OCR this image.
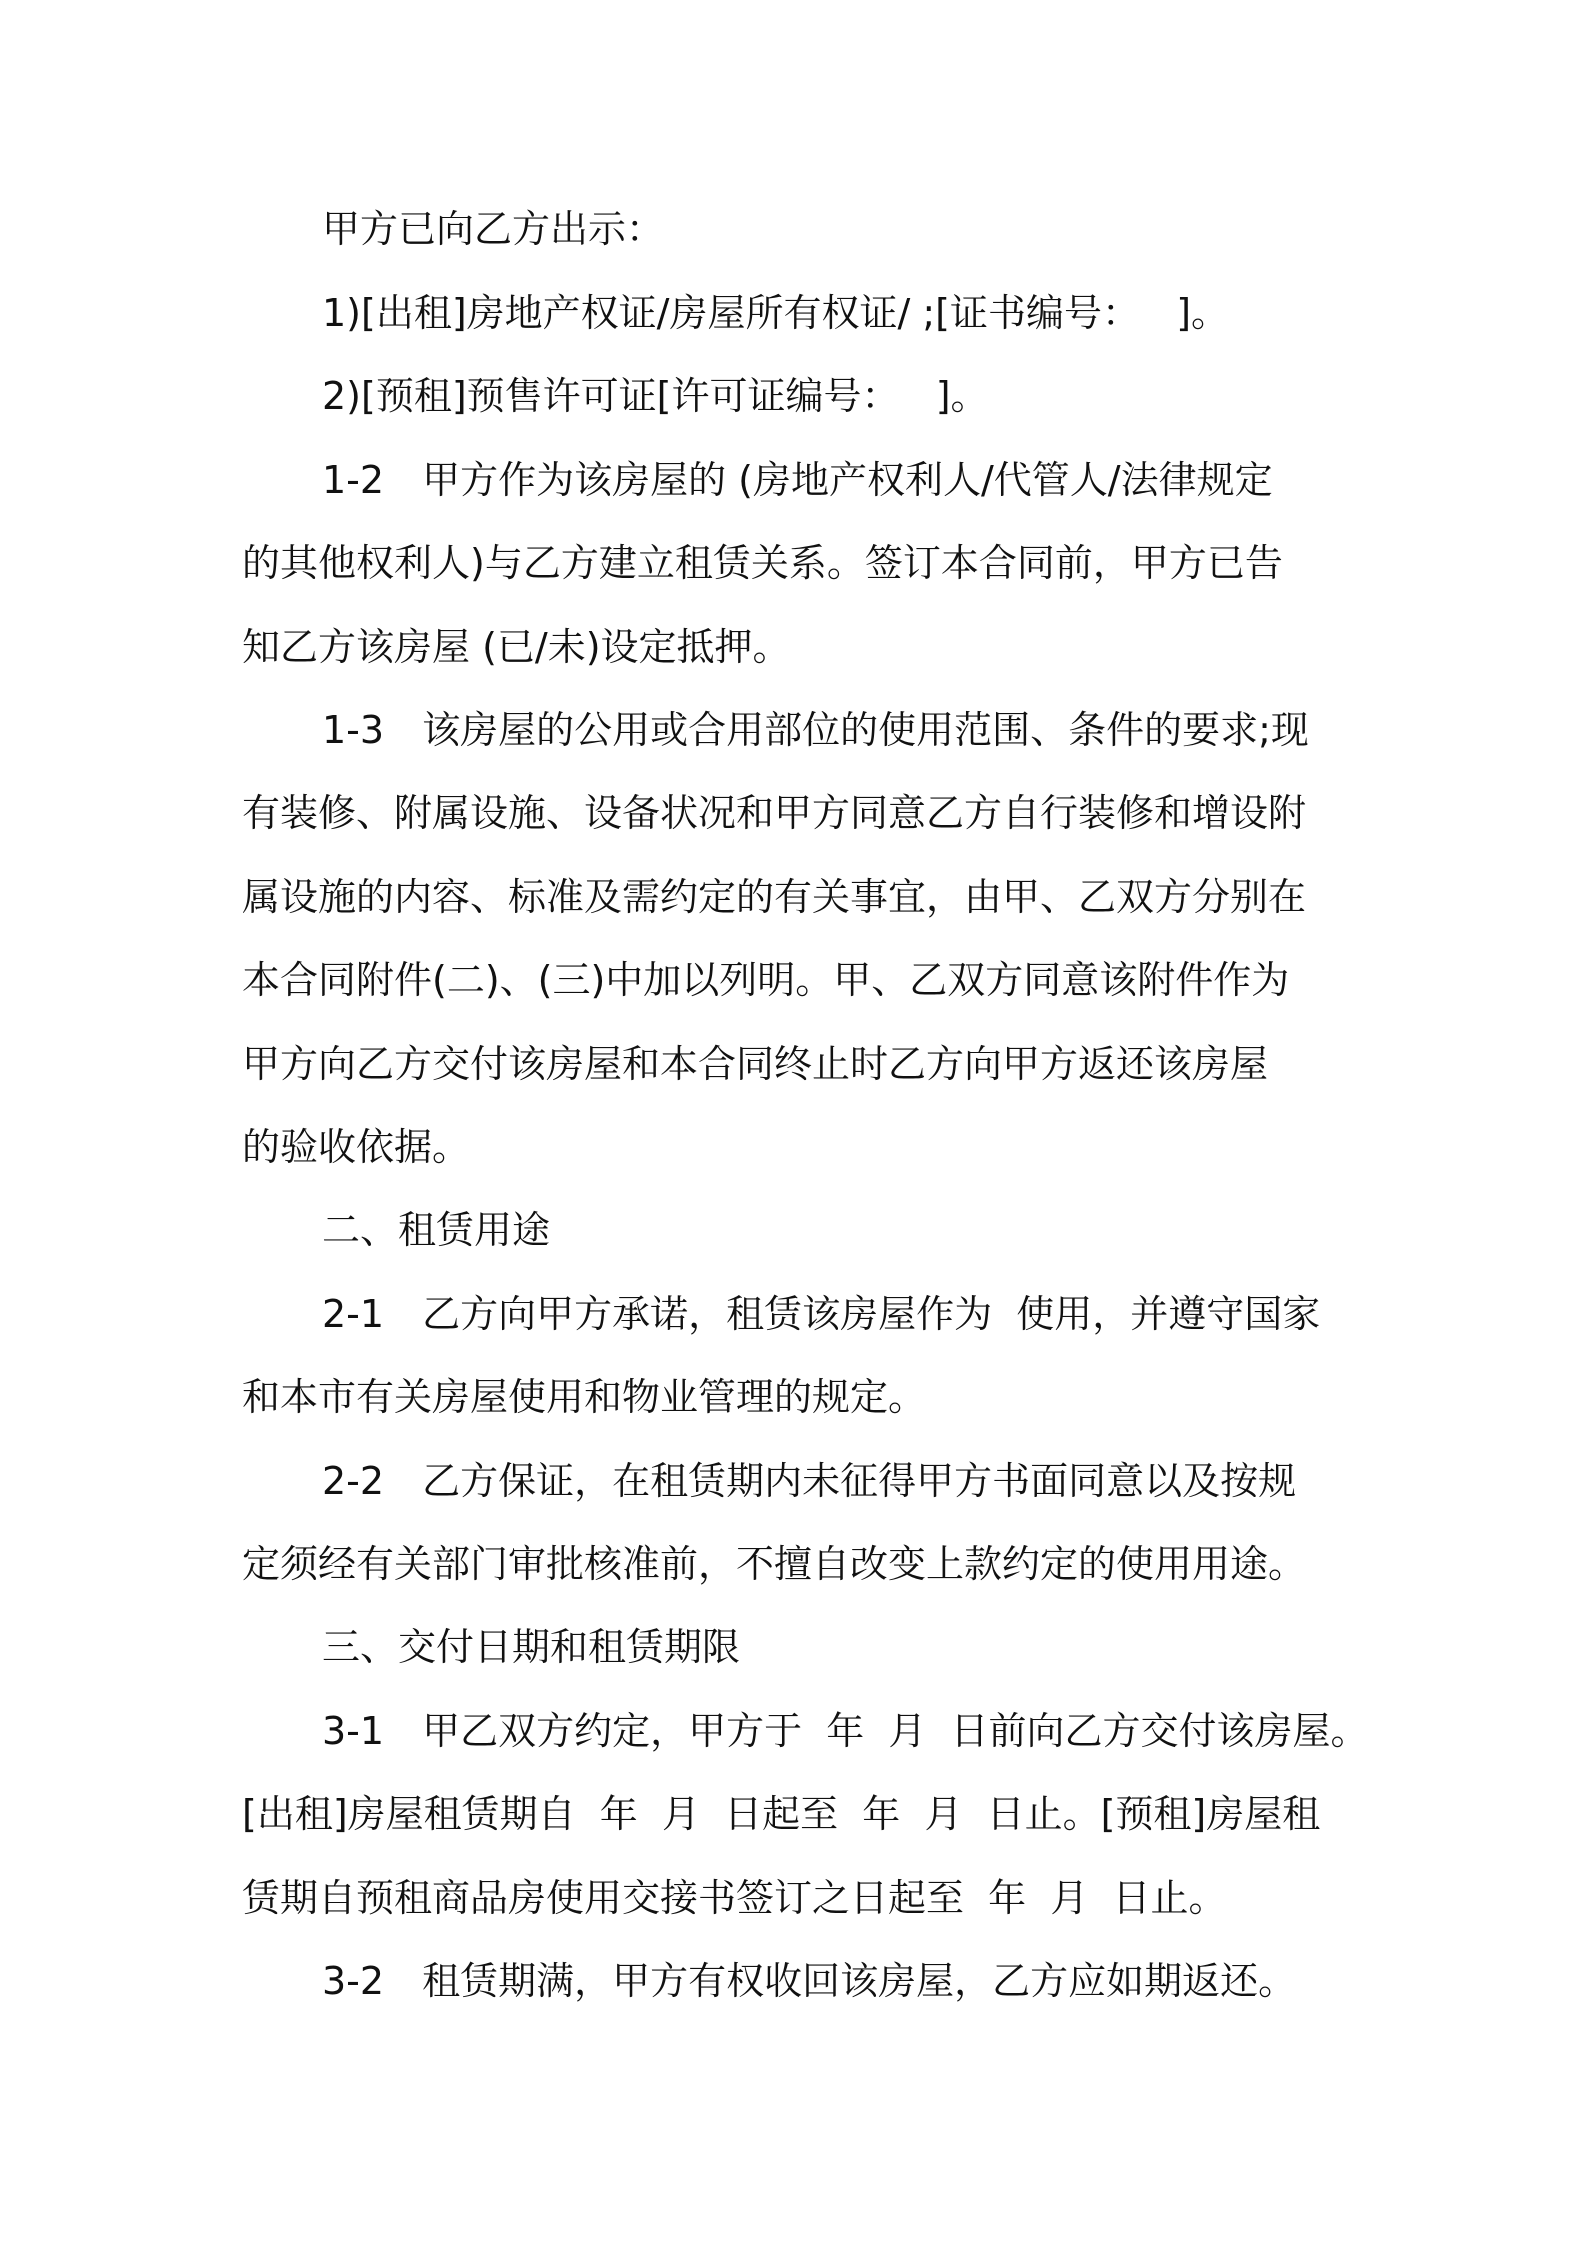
甲方已向乙方出示：
1)[出租]房地产权证/房屋所有权证/ ;[证书编号：   ]。
2)[预租]预售许可证[许可证编号：   ]。
1-2　甲方作为该房屋的 (房地产权利人/代管人/法律规定
的其他权利人)与乙方建立租赁关系。签订本合同前，甲方已告
知乙方该房屋 (已/未)设定抵押。
1-3　该房屋的公用或合用部位的使用范围、条件的要求;现
有装修、附属设施、设备状况和甲方同意乙方自行装修和增设附
属设施的内容、标准及需约定的有关事宜，由甲、乙双方分别在
本合同附件(二)、(三)中加以列明。甲、乙双方同意该附件作为
甲方向乙方交付该房屋和本合同终止时乙方向甲方返还该房屋
的验收依据。
二、租赁用途
2-1　乙方向甲方承诺，租赁该房屋作为  使用，并遵守国家
和本市有关房屋使用和物业管理的规定。
2-2　乙方保证，在租赁期内未征得甲方书面同意以及按规
定须经有关部门审批核准前，不擅自改变上款约定的使用用途。
三、交付日期和租赁期限
3-1　甲乙双方约定，甲方于  年  月  日前向乙方交付该房屋。
[出租]房屋租赁期自  年  月  日起至  年  月  日止。[预租]房屋租
赁期自预租商品房使用交接书签订之日起至  年  月  日止。
3-2　租赁期满，甲方有权收回该房屋，乙方应如期返还。
